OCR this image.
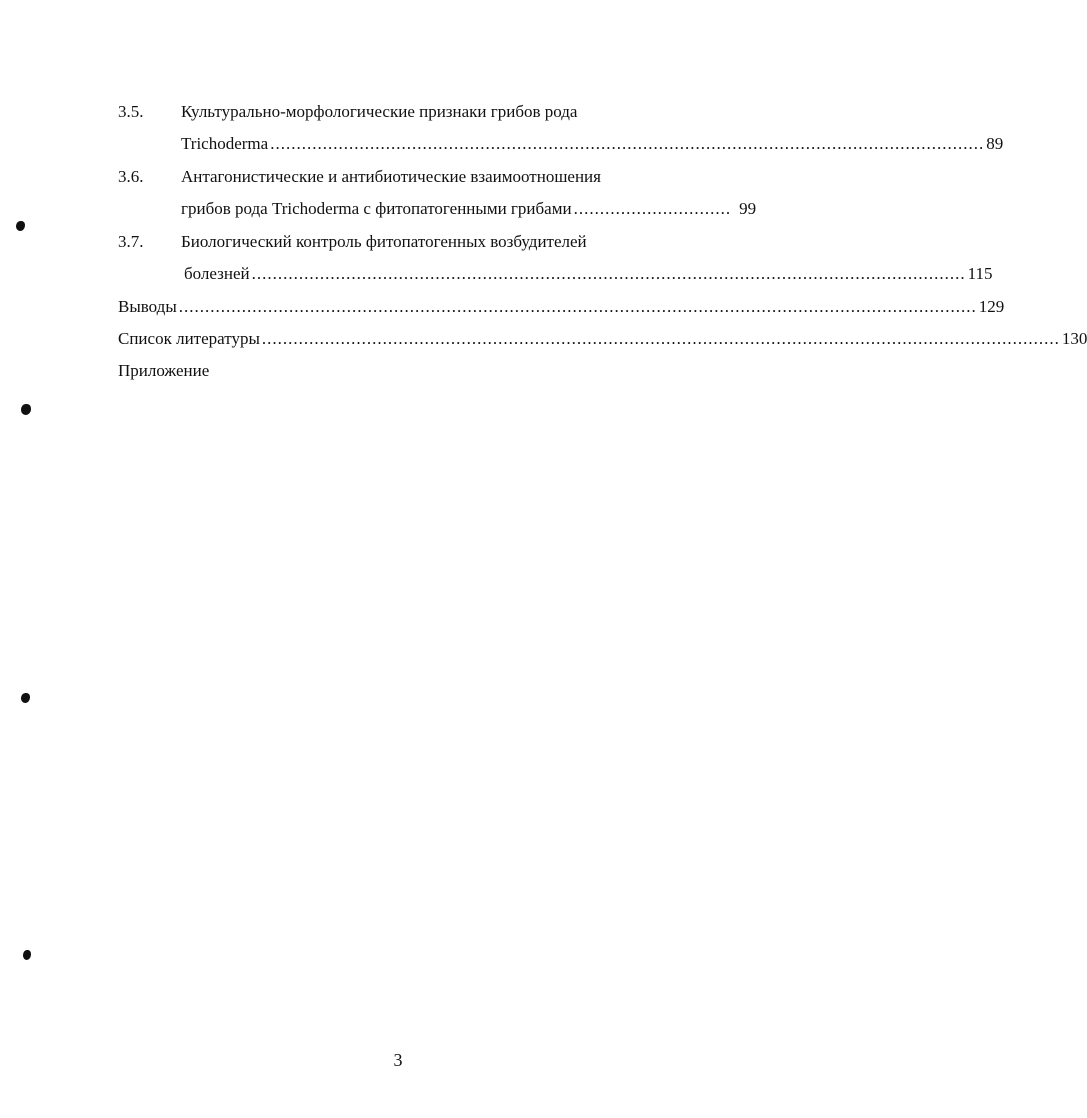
3.5. Культурально-морфологические признаки грибов рода
Trichoderma ........................................................................................................................................ 89
3.6. Антагонистические и антибиотические взаимоотношения
грибов рода Trichoderma с фитопатогенными грибами .............................. 99
3.7. Биологический контроль фитопатогенных возбудителей
болезней ........................................................................................................................................ 115
Выводы ........................................................................................................................................................ 129
Список литературы ........................................................................................................................................................ 130
Приложение
3
